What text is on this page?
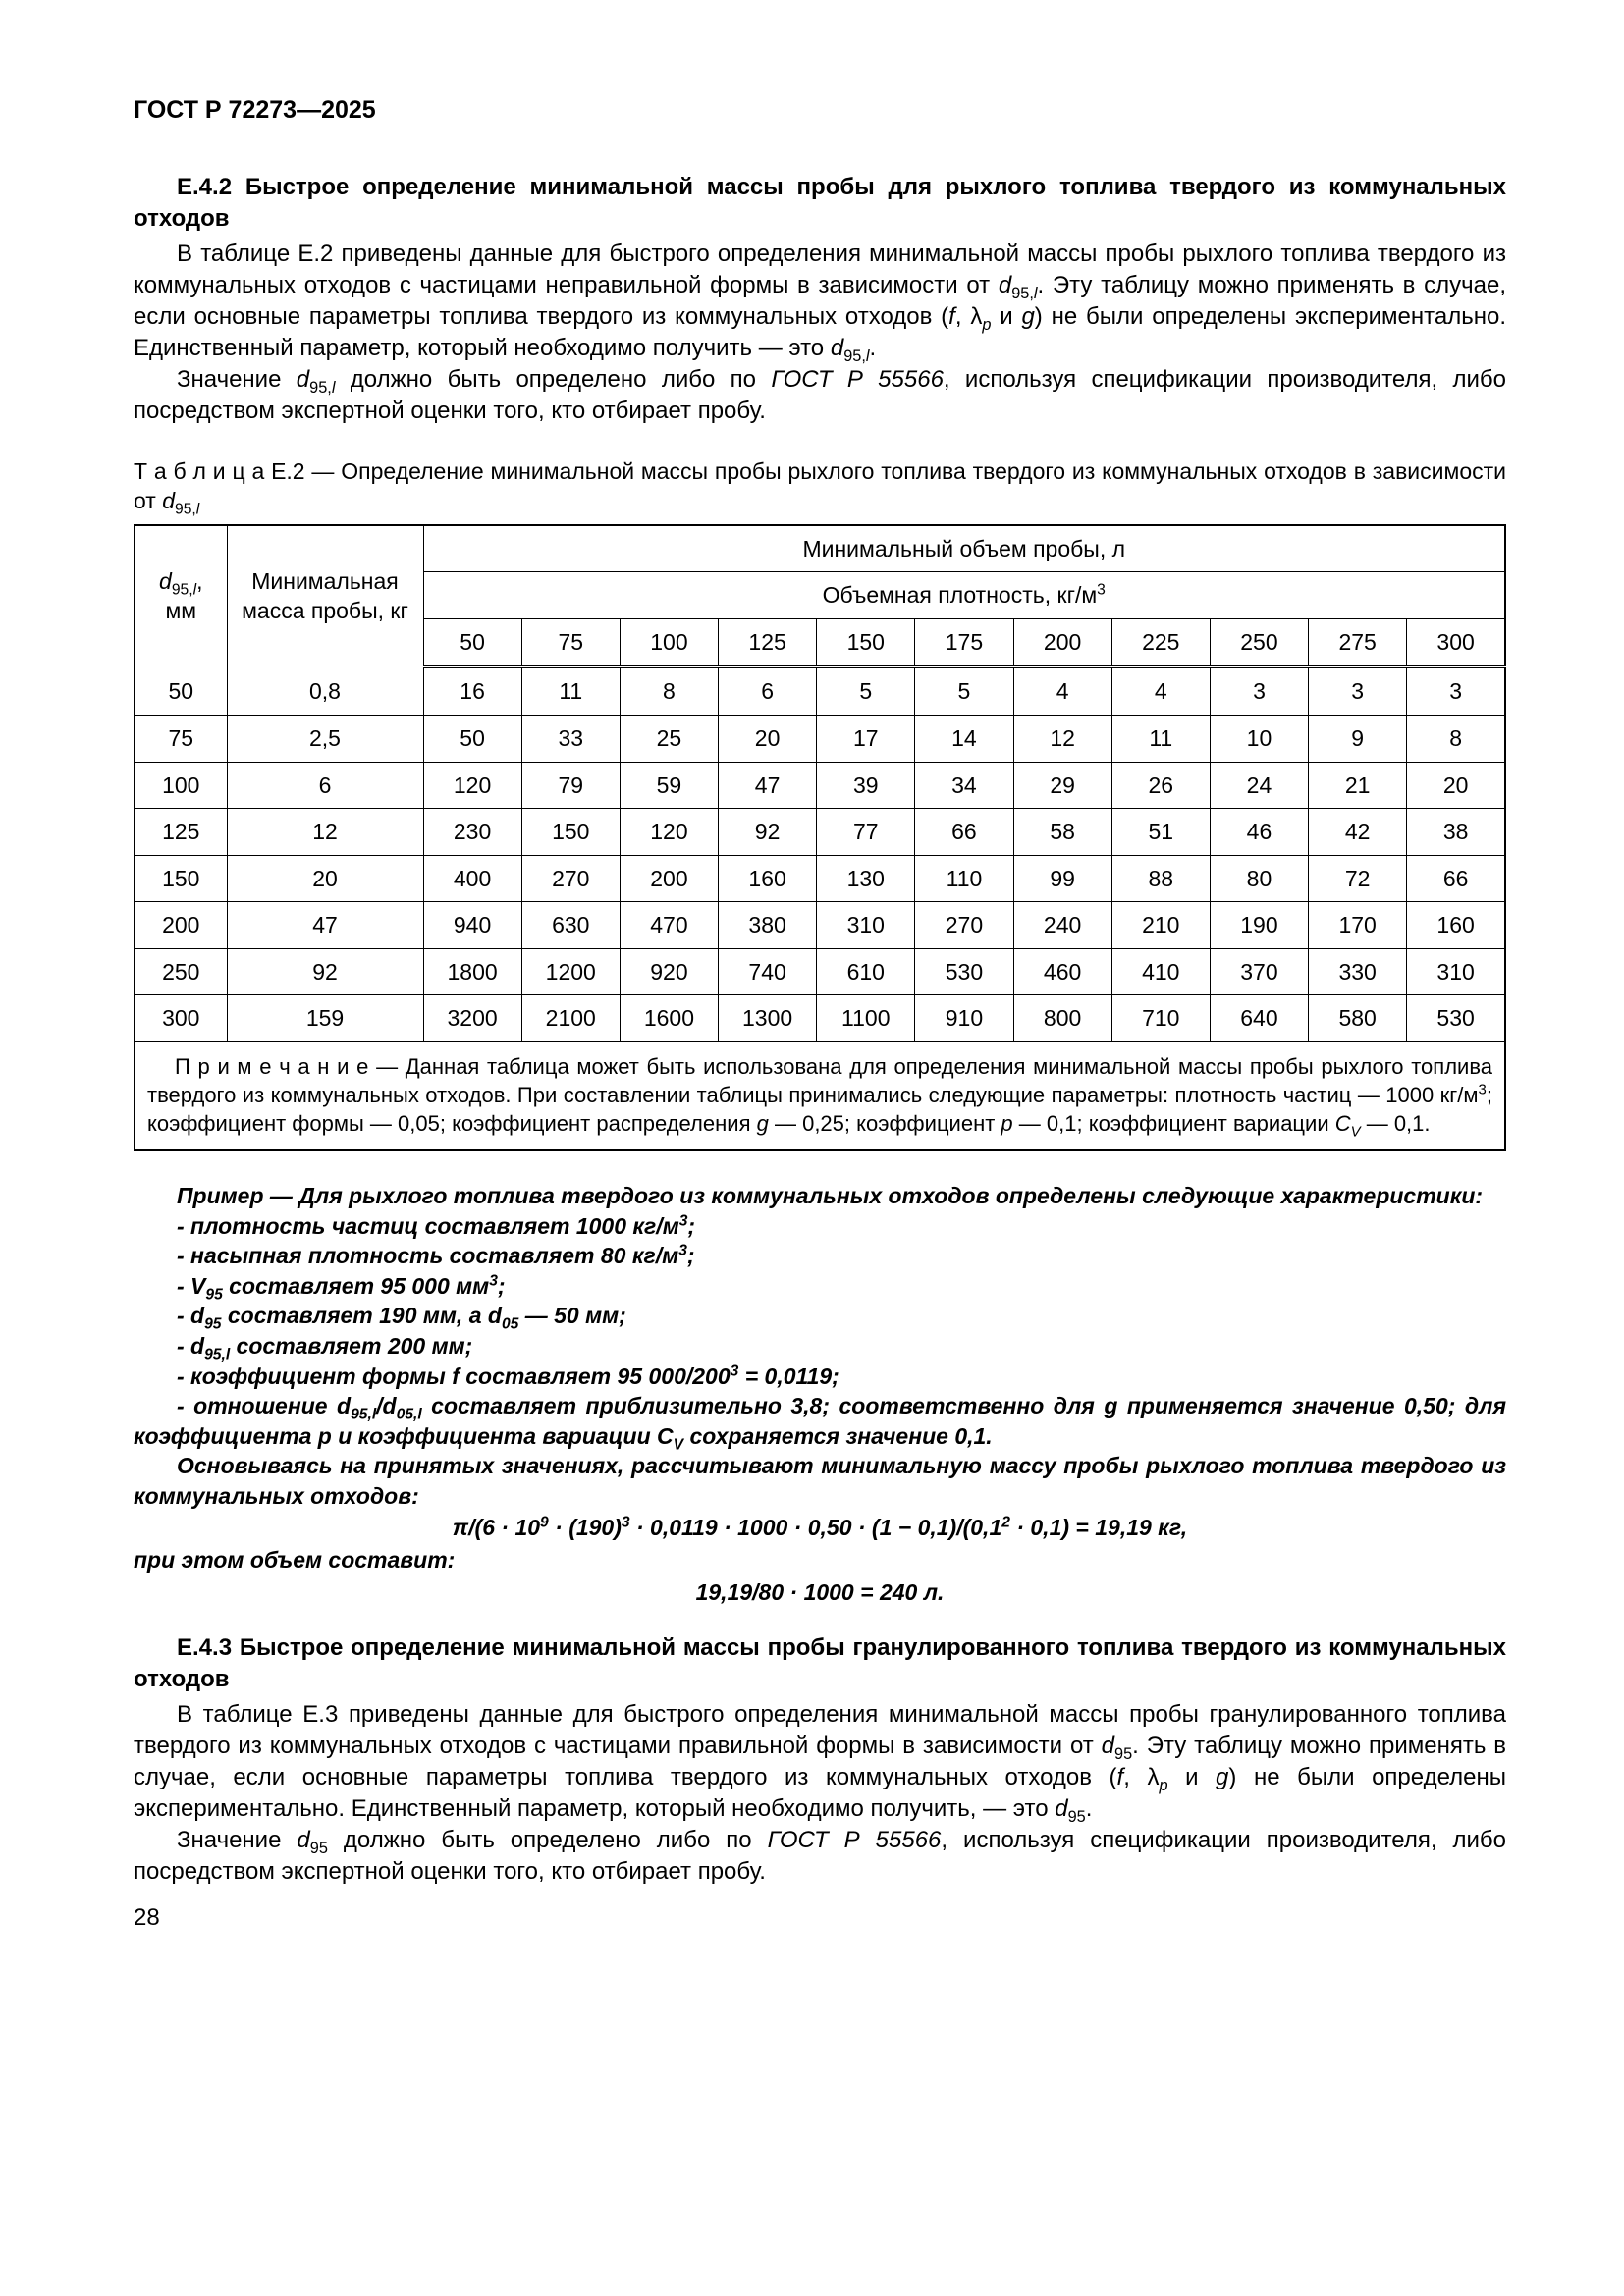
ГОСТ Р 72273—2025

Е.4.2 Быстрое определение минимальной массы пробы для рыхлого топлива твердого из коммунальных отходов

В таблице Е.2 приведены данные для быстрого определения минимальной массы пробы рыхлого топлива твердого из коммунальных отходов с частицами неправильной формы в зависимости от $d_{95,l}$. Эту таблицу можно применять в случае, если основные параметры топлива твердого из коммунальных отходов (f, $\lambda_p$ и g) не были определены экспериментально. Единственный параметр, который необходимо получить — это $d_{95,l}$.

Значение $d_{95,l}$ должно быть определено либо по ГОСТ Р 55566, используя спецификации производителя, либо посредством экспертной оценки того, кто отбирает пробу.

Т а б л и ц а Е.2 — Определение минимальной массы пробы рыхлого топлива твердого из коммунальных отходов в зависимости от $d_{95,l}$

$d_{95,l}$,
мм	Минимальная масса пробы, кг	Минимальный объем пробы, л										
		Объемная плотность, $кг/м^3$
		50	75	100	125	150	175	200	225	250	275	300
50	0,8	16	11	8	6	5	5	4	4	3	3	3
75	2,5	50	33	25	20	17	14	12	11	10	9	8
100	6	120	79	59	47	39	34	29	26	24	21	20
125	12	230	150	120	92	77	66	58	51	46	42	38
150	20	400	270	200	160	130	110	99	88	80	72	66
200	47	940	630	470	380	310	270	240	210	190	170	160
250	92	1800	1200	920	740	610	530	460	410	370	330	310
300	159	3200	2100	1600	1300	1100	910	800	710	640	580	530
П р и м е ч а н и е — Данная таблица может быть использована для определения минимальной массы пробы рыхлого топлива твердого из коммунальных отходов. При составлении таблицы принимались следующие параметры: плотность частиц — 1000 $кг/м^3$; коэффициент формы — 0,05; коэффициент распределения g — 0,25; коэффициент p — 0,1; коэффициент вариации $C_V$ — 0,1.												

Пример — Для рыхлого топлива твердого из коммунальных отходов определены следующие характеристики:

- плотность частиц составляет 1000 $кг/м^3$;

- насыпная плотность составляет 80 $кг/м^3$;

- $V_{95}$ составляет 95 000 $мм^3$;

- $d_{95}$ составляет 190 мм, а $d_{05}$ — 50 мм;

- $d_{95,l}$ составляет 200 мм;

- коэффициент формы f составляет 95 $000/200^3 = 0,0119$;

- отношение $d_{95,l}/d_{05,l}$ составляет приблизительно 3,8; соответственно для g применяется значение 0,50; для коэффициента p и коэффициента вариации $C_V$ сохраняется значение 0,1.

Основываясь на принятых значениях, рассчитывают минимальную массу пробы рыхлого топлива твердого из коммунальных отходов:

$\pi/(6 \cdot 10^9 \cdot (190)^3 \cdot 0,0119 \cdot 1000 \cdot 0,50 \cdot (1 - 0,1)/(0,1^2 \cdot 0,1) = 19,19$ кг,

при этом объем составит:

19,19/80 · 1000 = 240 л.

Е.4.3 Быстрое определение минимальной массы пробы гранулированного топлива твердого из коммунальных отходов

В таблице Е.3 приведены данные для быстрого определения минимальной массы пробы гранулированного топлива твердого из коммунальных отходов с частицами правильной формы в зависимости от $d_{95}$. Эту таблицу можно применять в случае, если основные параметры топлива твердого из коммунальных отходов (f, $\lambda_p$ и g) не были определены экспериментально. Единственный параметр, который необходимо получить, — это $d_{95}$.

Значение $d_{95}$ должно быть определено либо по ГОСТ Р 55566, используя спецификации производителя, либо посредством экспертной оценки того, кто отбирает пробу.

28
